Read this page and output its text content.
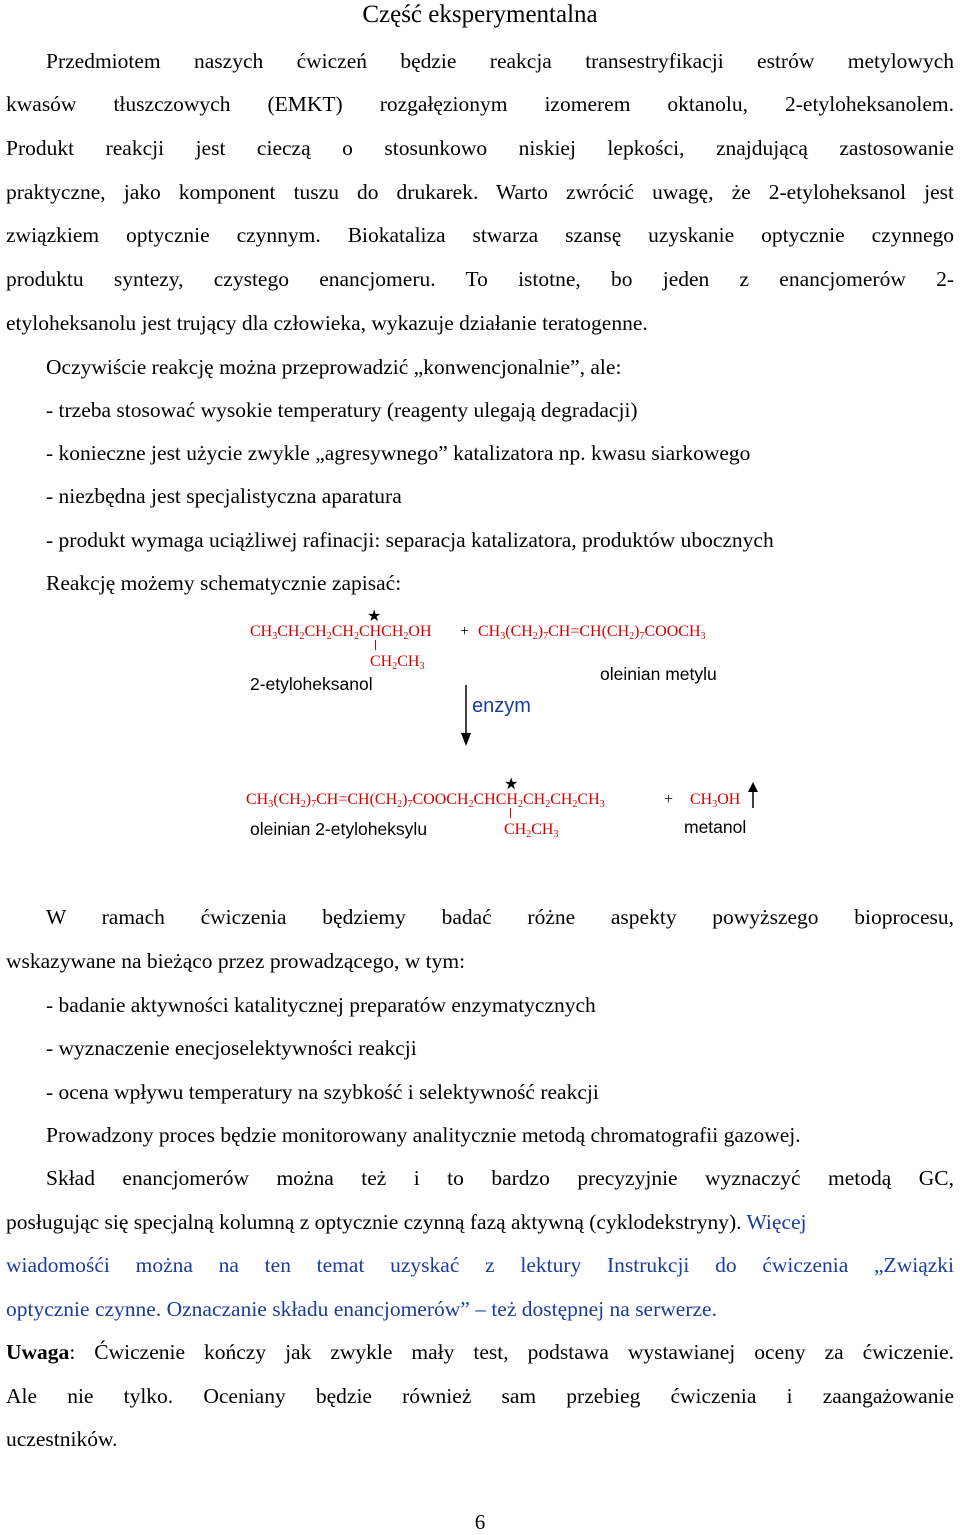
Część eksperymentalna
Przedmiotem naszych ćwiczeń będzie reakcja transestryfikacji estrów metylowych
kwasów tłuszczowych (EMKT) rozgałęzionym izomerem oktanolu, 2-etyloheksanolem.
Produkt reakcji jest cieczą o stosunkowo niskiej lepkości, znajdującą zastosowanie
praktyczne, jako komponent tuszu do drukarek. Warto zwrócić uwagę, że 2-etyloheksanol jest
związkiem optycznie czynnym. Biokataliza stwarza szansę uzyskanie optycznie czynnego
produktu syntezy, czystego enancjomeru. To istotne, bo jeden z enancjomerów 2-
etyloheksanolu jest trujący dla człowieka, wykazuje działanie teratogenne.
Oczywiście reakcję można przeprowadzić „konwencjonalnie”, ale:
- trzeba stosować wysokie temperatury (reagenty ulegają degradacji)
- konieczne jest użycie zwykle „agresywnego” katalizatora np. kwasu siarkowego
- niezbędna jest specjalistyczna aparatura
- produkt wymaga uciążliwej rafinacji: separacja katalizatora, produktów ubocznych
Reakcję możemy schematycznie zapisać:
★
$CH_3CH_2CH_2CH_2CHCH_2OH$
$CH_2CH_3$
+ $CH_3(CH_2)_7CH=CH(CH_2)_7COOCH_3$
2-etyloheksanol	oleinian metylu
enzym
★
$CH_3(CH_2)_7CH=CH(CH_2)_7COOCH_2CHCH_2CH_2CH_2CH_3$
$CH_2CH_3$
+ $CH_3OH$
oleinian 2-etyloheksylu	metanol
W ramach ćwiczenia będziemy badać różne aspekty powyższego bioprocesu,
wskazywane na bieżąco przez prowadzącego, w tym:
- badanie aktywności katalitycznej preparatów enzymatycznych
- wyznaczenie enecjoselektywności reakcji
- ocena wpływu temperatury na szybkość i selektywność reakcji
Prowadzony proces będzie monitorowany analitycznie metodą chromatografii gazowej.
Skład enancjomerów można też i to bardzo precyzyjnie wyznaczyć metodą GC,
posługując się specjalną kolumną z optycznie czynną fazą aktywną (cyklodekstryny). Więcej
wiadomośći można na ten temat uzyskać z lektury Instrukcji do ćwiczenia „Związki
optycznie czynne. Oznaczanie składu enancjomerów” – też dostępnej na serwerze.
Uwaga: Ćwiczenie kończy jak zwykle mały test, podstawa wystawianej oceny za ćwiczenie.
Ale nie tylko. Oceniany będzie również sam przebieg ćwiczenia i zaangażowanie
uczestników.
6
